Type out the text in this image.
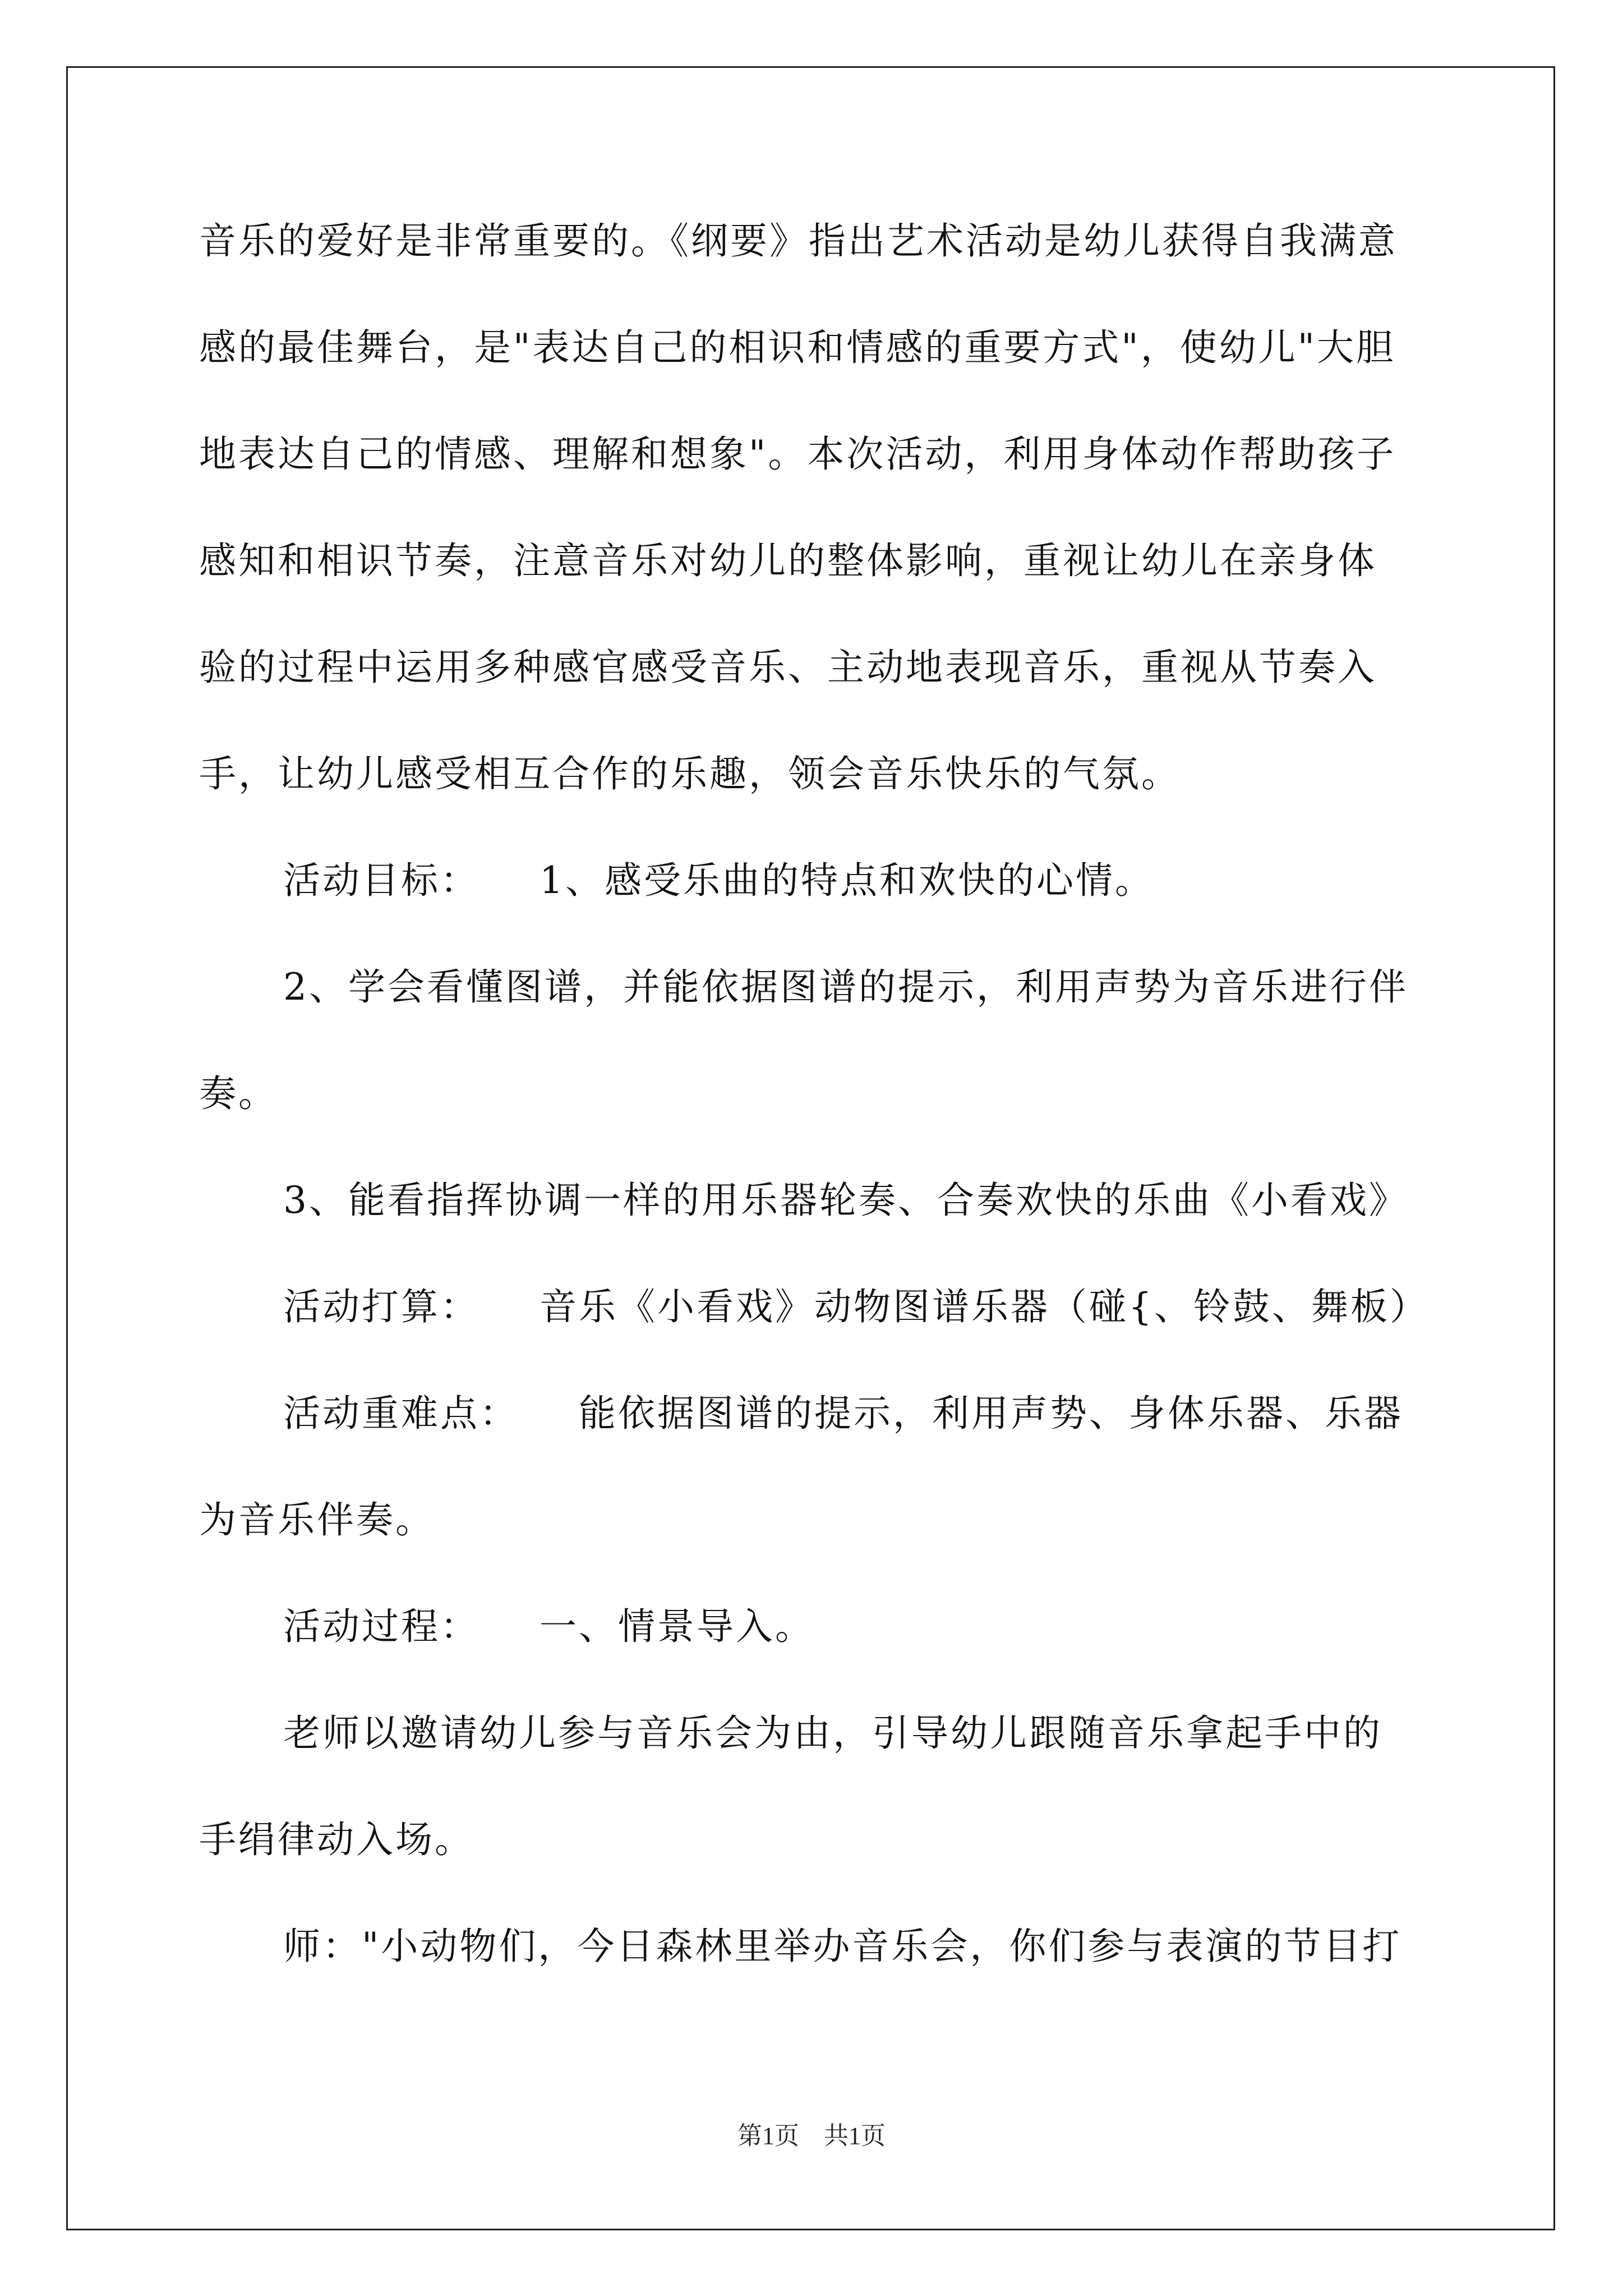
音乐的爱好是非常重要的。《纲要》指出艺术活动是幼儿获得自我满意
感的最佳舞台，是"表达自己的相识和情感的重要方式"，使幼儿"大胆
地表达自己的情感、理解和想象"。本次活动，利用身体动作帮助孩子
感知和相识节奏，注意音乐对幼儿的整体影响，重视让幼儿在亲身体
验的过程中运用多种感官感受音乐、主动地表现音乐，重视从节奏入
手，让幼儿感受相互合作的乐趣，领会音乐快乐的气氛。
活动目标：　　1、感受乐曲的特点和欢快的心情。
2、学会看懂图谱，并能依据图谱的提示，利用声势为音乐进行伴
奏。
3、能看指挥协调一样的用乐器轮奏、合奏欢快的乐曲《小看戏》
活动打算：　　音乐《小看戏》动物图谱乐器（碰{、铃鼓、舞板）
活动重难点：　　能依据图谱的提示，利用声势、身体乐器、乐器
为音乐伴奏。
活动过程：　　一、情景导入。
老师以邀请幼儿参与音乐会为由，引导幼儿跟随音乐拿起手中的
手绢律动入场。
师："小动物们，今日森林里举办音乐会，你们参与表演的节目打
第1页　共1页
